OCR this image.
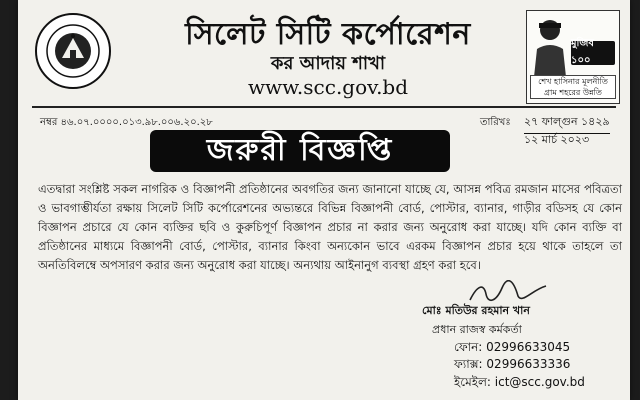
সিলেট সিটি কর্পোরেশন
কর আদায় শাখা
www.scc.gov.bd
মুজিব ১০০
শেখ হাসিনার মূলনীতি গ্রাম শহরের উন্নতি
নম্বর ৪৬.০৭.০০০০.০১৩.৯৮.০০৬.২০.২৮	তারিখঃ ২৭ ফাল্গুন ১৪২৯
১২ মার্চ ২০২৩
জরুরী বিজ্ঞপ্তি
এতদ্বারা সংশ্লিষ্ট সকল নাগরিক ও বিজ্ঞাপনী প্রতিষ্ঠানের অবগতির জন্য জানানো যাচ্ছে যে, আসন্ন পবিত্র রমজান মাসের পবিত্রতা ও ভাবগাম্ভীর্যতা রক্ষায় সিলেট সিটি কর্পোরেশনের অভ্যন্তরে বিভিন্ন বিজ্ঞাপনী বোর্ড, পোস্টার, ব্যানার, গাড়ীর বডিসহ যে কোন বিজ্ঞাপন প্রচারে যে কোন ব্যক্তির ছবি ও কুরুচিপূর্ণ বিজ্ঞাপন প্রচার না করার জন্য অনুরোধ করা যাচ্ছে। যদি কোন ব্যক্তি বা প্রতিষ্ঠানের মাধ্যমে বিজ্ঞাপনী বোর্ড, পোস্টার, ব্যানার কিংবা অন্যকোন ভাবে এরকম বিজ্ঞাপন প্রচার হয়ে থাকে তাহলে তা অনতিবিলম্বে অপসারণ করার জন্য অনুরোধ করা যাচ্ছে। অন্যথায় আইনানুগ ব্যবস্থা গ্রহণ করা হবে।
মোঃ মতিউর রহমান খান
প্রধান রাজস্ব কর্মকর্তা
ফোন: 02996633045
ফ্যাক্স: 02996633336
ইমেইল: ict@scc.gov.bd
